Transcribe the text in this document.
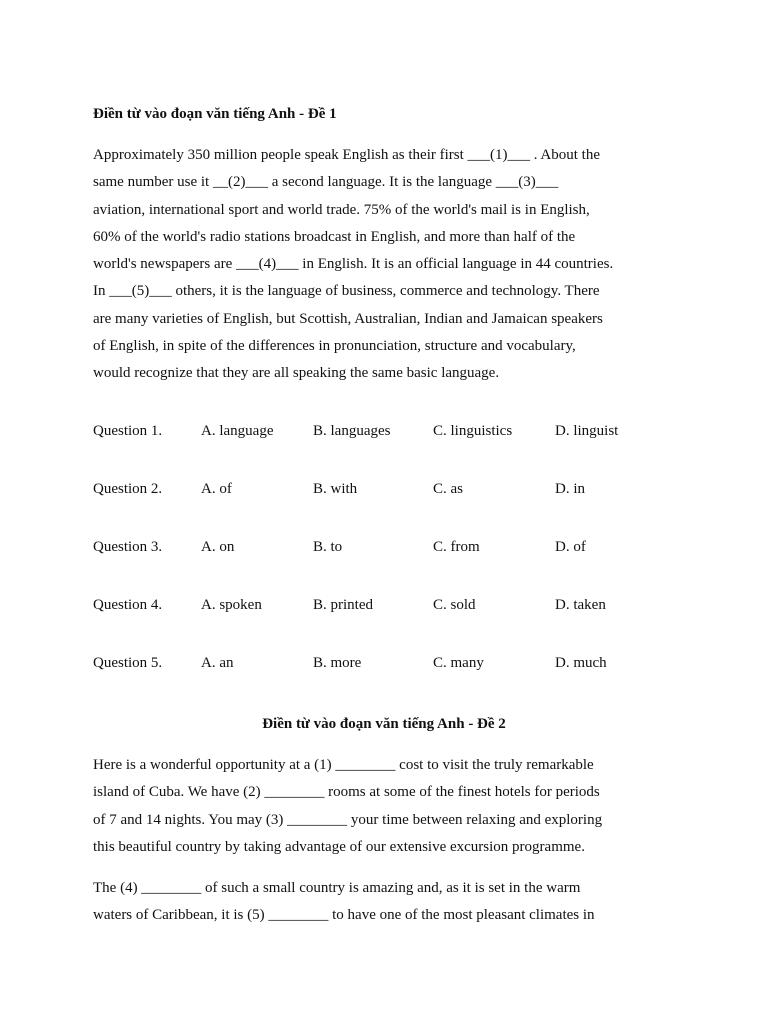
Điền từ vào đoạn văn tiếng Anh - Đề 1
Approximately 350 million people speak English as their first ___(1)___ . About the
same number use it __(2)___ a second language. It is the language ___(3)___
aviation, international sport and world trade. 75% of the world's mail is in English,
60% of the world's radio stations broadcast in English, and more than half of the
world's newspapers are ___(4)___ in English. It is an official language in 44 countries.
In ___(5)___ others, it is the language of business, commerce and technology. There
are many varieties of English, but Scottish, Australian, Indian and Jamaican speakers
of English, in spite of the differences in pronunciation, structure and vocabulary,
would recognize that they are all speaking the same basic language.
Question 1.	A. language	B. languages	C. linguistics	D. linguist
Question 2.	A. of	B. with	C. as	D. in
Question 3.	A. on	B. to	C. from	D. of
Question 4.	A. spoken	B. printed	C. sold	D. taken
Question 5.	A. an	B. more	C. many	D. much
Điền từ vào đoạn văn tiếng Anh - Đề 2
Here is a wonderful opportunity at a (1) ________ cost to visit the truly remarkable
island of Cuba. We have (2) ________ rooms at some of the finest hotels for periods
of 7 and 14 nights. You may (3) ________ your time between relaxing and exploring
this beautiful country by taking advantage of our extensive excursion programme.
The (4) ________ of such a small country is amazing and, as it is set in the warm
waters of Caribbean, it is (5) ________ to have one of the most pleasant climates in
